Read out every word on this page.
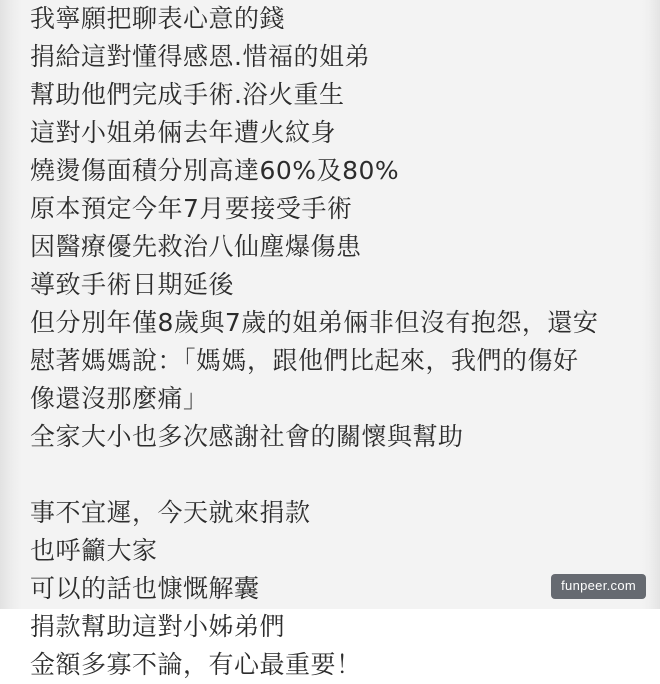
我寧願把聊表心意的錢
捐給這對懂得感恩.惜福的姐弟
幫助他們完成手術.浴火重生
這對小姐弟倆去年遭火紋身
燒燙傷面積分別高達60%及80%
原本預定今年7月要接受手術
因醫療優先救治八仙塵爆傷患
導致手術日期延後
但分別年僅8歲與7歲的姐弟倆非但沒有抱怨，還安
慰著媽媽說：「媽媽，跟他們比起來，我們的傷好
像還沒那麼痛」
全家大小也多次感謝社會的關懷與幫助
事不宜遲，今天就來捐款
也呼籲大家
可以的話也慷慨解囊
捐款幫助這對小姊弟們
金額多寡不論，有心最重要！
funpeer.com
